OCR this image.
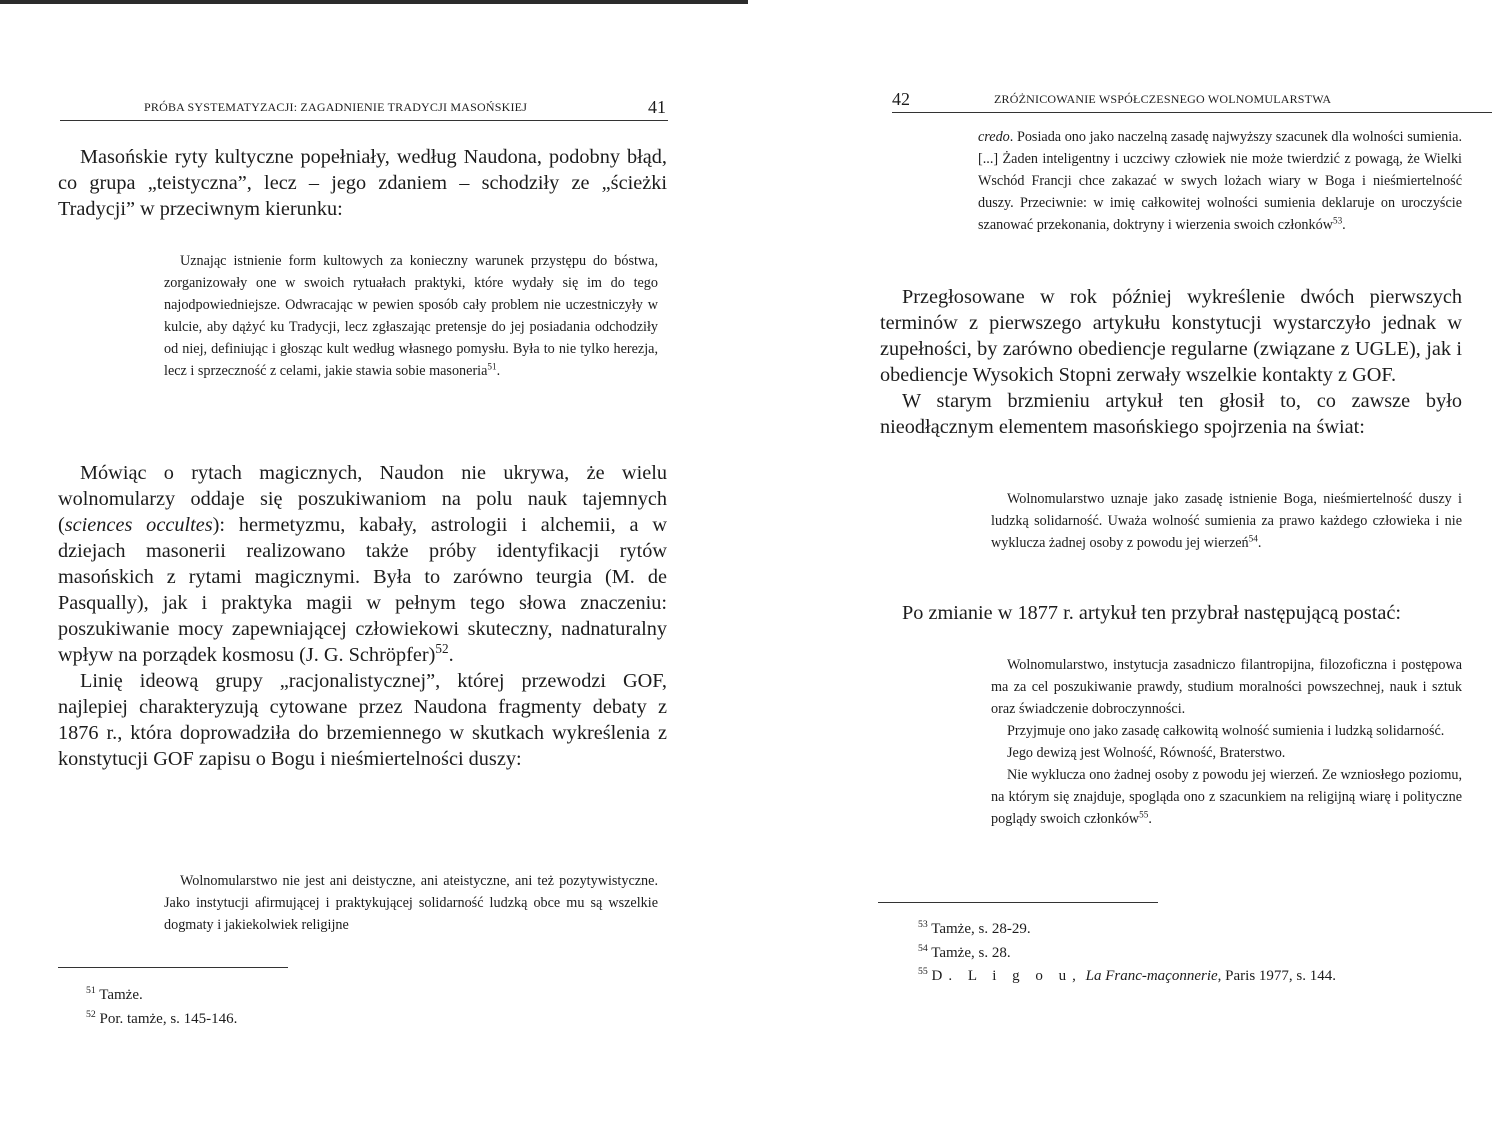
PRÓBA SYSTEMATYZACJI: ZAGADNIENIE TRADYCJI MASOŃSKIEJ	41

Masońskie ryty kultyczne popełniały, według Naudona, podobny błąd, co grupa „teistyczna”, lecz – jego zdaniem – schodziły ze „ścieżki Tradycji” w przeciwnym kierunku:

Uznając istnienie form kultowych za konieczny warunek przystępu do bóstwa, zorganizowały one w swoich rytuałach praktyki, które wydały się im do tego najodpowiedniejsze. Odwracając w pewien sposób cały problem nie uczestniczyły w kulcie, aby dążyć ku Tradycji, lecz zgłaszając pretensje do jej posiadania odchodziły od niej, definiując i głosząc kult według własnego pomysłu. Była to nie tylko herezja, lecz i sprzeczność z celami, jakie stawia sobie masoneria$^{51}$.

Mówiąc o rytach magicznych, Naudon nie ukrywa, że wielu wolnomularzy oddaje się poszukiwaniom na polu nauk tajemnych (sciences occultes): hermetyzmu, kabały, astrologii i alchemii, a w dziejach masonerii realizowano także próby identyfikacji rytów masońskich z rytami magicznymi. Była to zarówno teurgia (M. de Pasqually), jak i praktyka magii w pełnym tego słowa znaczeniu: poszukiwanie mocy zapewniającej człowiekowi skuteczny, nadnaturalny wpływ na porządek kosmosu (J. G. Schröpfer)$^{52}$.

Linię ideową grupy „racjonalistycznej”, której przewodzi GOF, najlepiej charakteryzują cytowane przez Naudona fragmenty debaty z 1876 r., która doprowadziła do brzemiennego w skutkach wykreślenia z konstytucji GOF zapisu o Bogu i nieśmiertelności duszy:

Wolnomularstwo nie jest ani deistyczne, ani ateistyczne, ani też pozytywistyczne. Jako instytucji afirmującej i praktykującej solidarność ludzką obce mu są wszelkie dogmaty i jakiekolwiek religijne

$^{51}$ Tamże.

$^{52}$ Por. tamże, s. 145-146.

42	ZRÓŻNICOWANIE WSPÓŁCZESNEGO WOLNOMULARSTWA

credo. Posiada ono jako naczelną zasadę najwyższy szacunek dla wolności sumienia. [...] Żaden inteligentny i uczciwy człowiek nie może twierdzić z powagą, że Wielki Wschód Francji chce zakazać w swych lożach wiary w Boga i nieśmiertelność duszy. Przeciwnie: w imię całkowitej wolności sumienia deklaruje on uroczyście szanować przekonania, doktryny i wierzenia swoich członków$^{53}$.

Przegłosowane w rok później wykreślenie dwóch pierwszych terminów z pierwszego artykułu konstytucji wystarczyło jednak w zupełności, by zarówno obediencje regularne (związane z UGLE), jak i obediencje Wysokich Stopni zerwały wszelkie kontakty z GOF.

W starym brzmieniu artykuł ten głosił to, co zawsze było nieodłącznym elementem masońskiego spojrzenia na świat:

Wolnomularstwo uznaje jako zasadę istnienie Boga, nieśmiertelność duszy i ludzką solidarność. Uważa wolność sumienia za prawo każdego człowieka i nie wyklucza żadnej osoby z powodu jej wierzeń$^{54}$.

Po zmianie w 1877 r. artykuł ten przybrał następującą postać:

Wolnomularstwo, instytucja zasadniczo filantropijna, filozoficzna i postępowa ma za cel poszukiwanie prawdy, studium moralności powszechnej, nauk i sztuk oraz świadczenie dobroczynności.

Przyjmuje ono jako zasadę całkowitą wolność sumienia i ludzką solidarność.

Jego dewizą jest Wolność, Równość, Braterstwo.

Nie wyklucza ono żadnej osoby z powodu jej wierzeń. Ze wzniosłego poziomu, na którym się znajduje, spogląda ono z szacunkiem na religijną wiarę i polityczne poglądy swoich członków$^{55}$.

$^{53}$ Tamże, s. 28-29.

$^{54}$ Tamże, s. 28.

$^{55}$ D. L i g o u, La Franc-maçonnerie, Paris 1977, s. 144.
